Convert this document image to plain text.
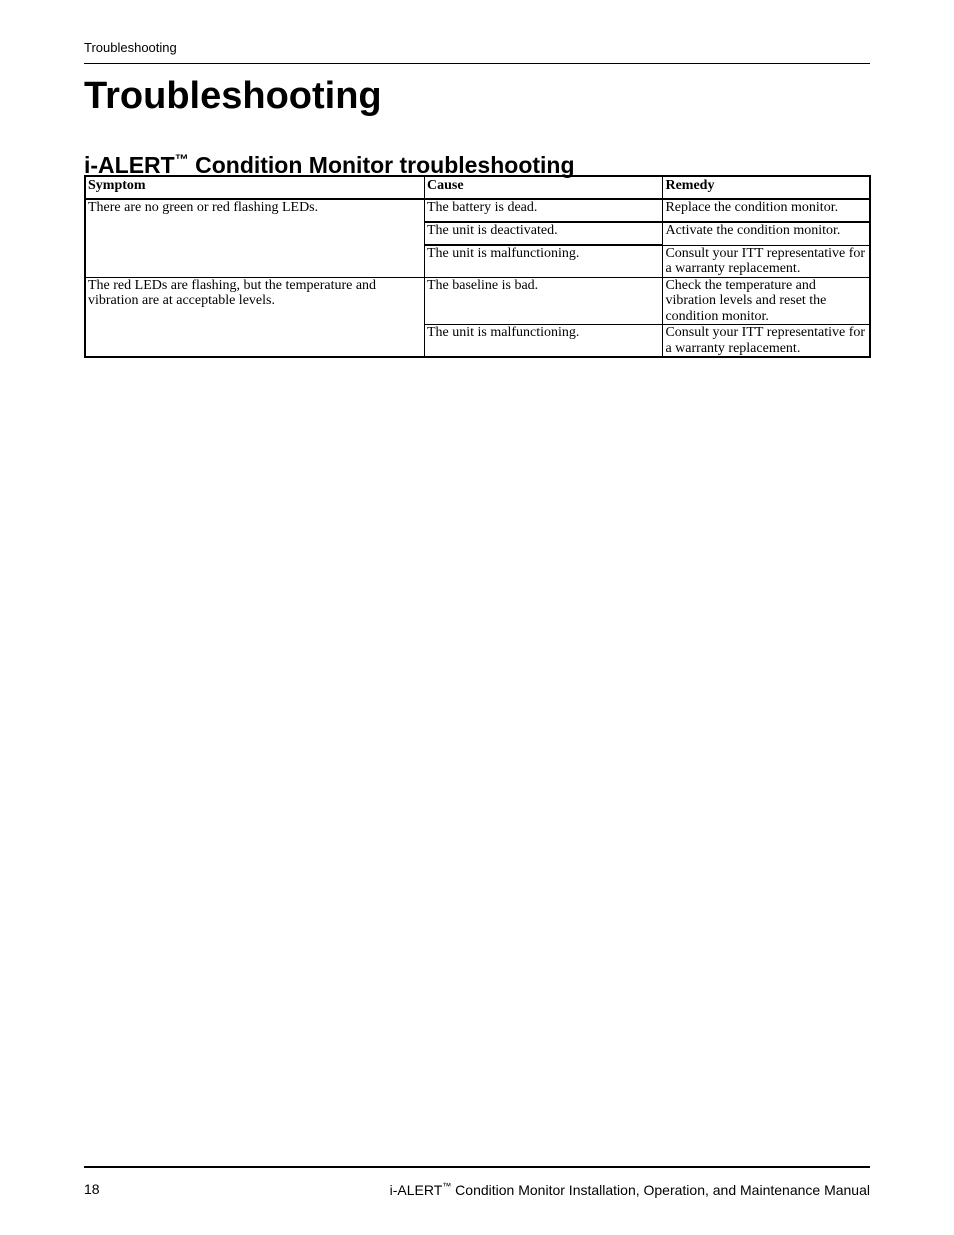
Troubleshooting
Troubleshooting
i-ALERT™ Condition Monitor troubleshooting
Symptom	Cause	Remedy
There are no green or red flashing LEDs.	The battery is dead.	Replace the condition monitor.
	The unit is deactivated.	Activate the condition monitor.
	The unit is malfunctioning.	Consult your ITT representative for a warranty replacement.
The red LEDs are flashing, but the temperature and vibration are at acceptable levels.	The baseline is bad.	Check the temperature and vibration levels and reset the condition monitor.
	The unit is malfunctioning.	Consult your ITT representative for a warranty replacement.
18	i-ALERT™ Condition Monitor Installation, Operation, and Maintenance Manual
